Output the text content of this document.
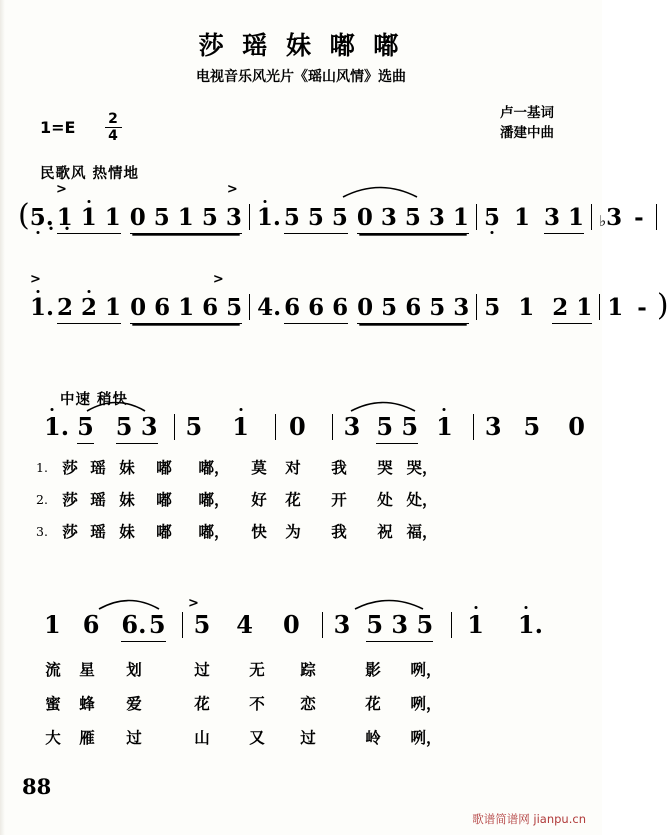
莎 瑶 妹 嘟 嘟
电视音乐风光片《瑶山风情》选曲
卢一基词
潘建中曲
1=E	2
4
民歌风 热情地
(5. ̣1̣ 1 1 0 5 1 5 3 1. 5 5 5 0 3 5 3 1 5 1 3 1 ♭3 -
>	>
1. 2 2 1 0 6 1 6 5 4. 6 6 6 0 5 6 5 3 5 1 2 1 1 - )
>	>
中速 稍快
1. 5 5 3 5 1 0 3 5 5 1 3 5 0
1. 莎 瑶 妹 嘟 嘟， 莫 对 我 哭 哭，
2. 莎 瑶 妹 嘟 嘟， 好 花 开 处 处，
3. 莎 瑶 妹 嘟 嘟， 快 为 我 祝 福，
1 6 6. 5 5 4 0 3 5 3 5 1 1.
>
流 星 划	过	无 踪	影 咧，
蜜 蜂 爱	花	不 恋	花 咧，
大 雁 过	山	又 过	岭 咧，
88
歌谱简谱网 jianpu.cn
